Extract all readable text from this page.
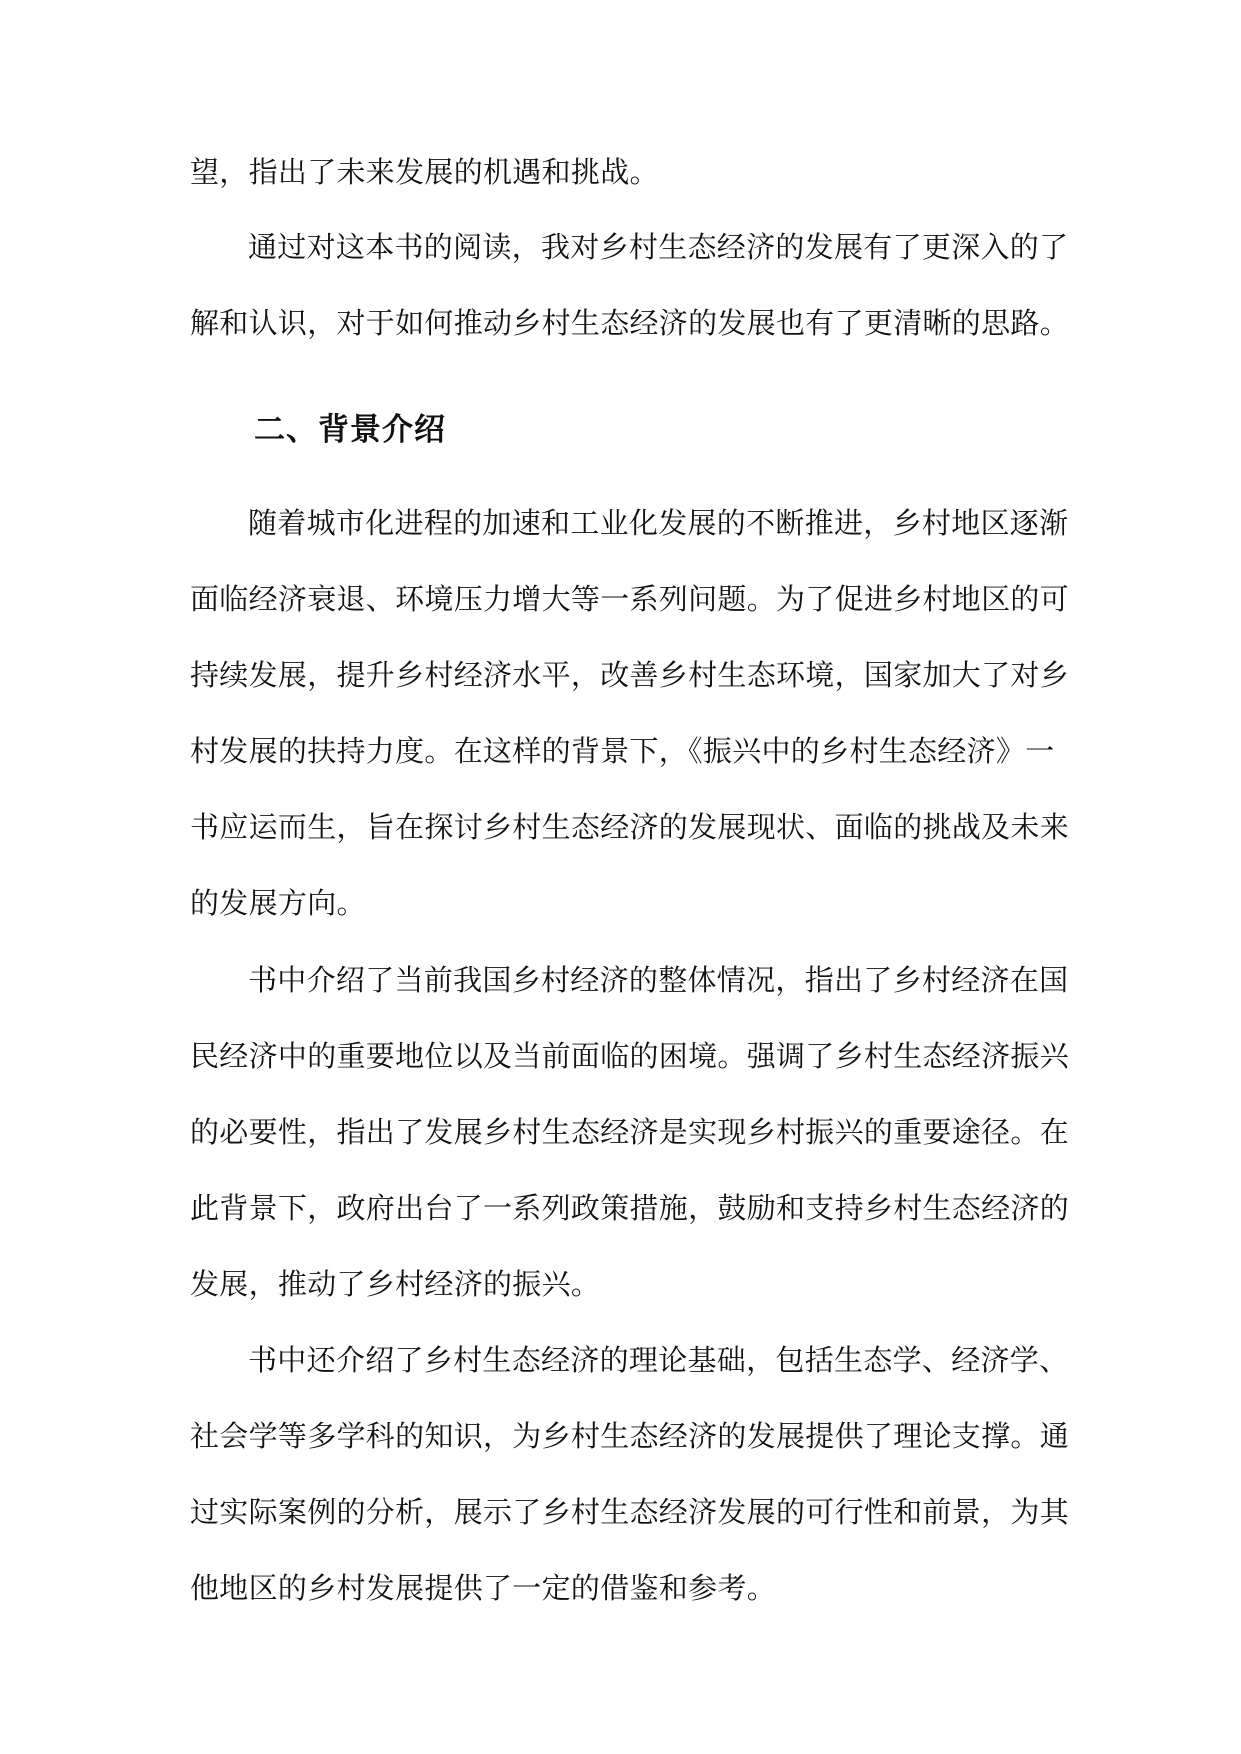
望，指出了未来发展的机遇和挑战。
通过对这本书的阅读，我对乡村生态经济的发展有了更深入的了
解和认识，对于如何推动乡村生态经济的发展也有了更清晰的思路。
二、背景介绍
随着城市化进程的加速和工业化发展的不断推进，乡村地区逐渐
面临经济衰退、环境压力增大等一系列问题。为了促进乡村地区的可
持续发展，提升乡村经济水平，改善乡村生态环境，国家加大了对乡
村发展的扶持力度。在这样的背景下，《振兴中的乡村生态经济》一
书应运而生，旨在探讨乡村生态经济的发展现状、面临的挑战及未来
的发展方向。
书中介绍了当前我国乡村经济的整体情况，指出了乡村经济在国
民经济中的重要地位以及当前面临的困境。强调了乡村生态经济振兴
的必要性，指出了发展乡村生态经济是实现乡村振兴的重要途径。在
此背景下，政府出台了一系列政策措施，鼓励和支持乡村生态经济的
发展，推动了乡村经济的振兴。
书中还介绍了乡村生态经济的理论基础，包括生态学、经济学、
社会学等多学科的知识，为乡村生态经济的发展提供了理论支撑。通
过实际案例的分析，展示了乡村生态经济发展的可行性和前景，为其
他地区的乡村发展提供了一定的借鉴和参考。
